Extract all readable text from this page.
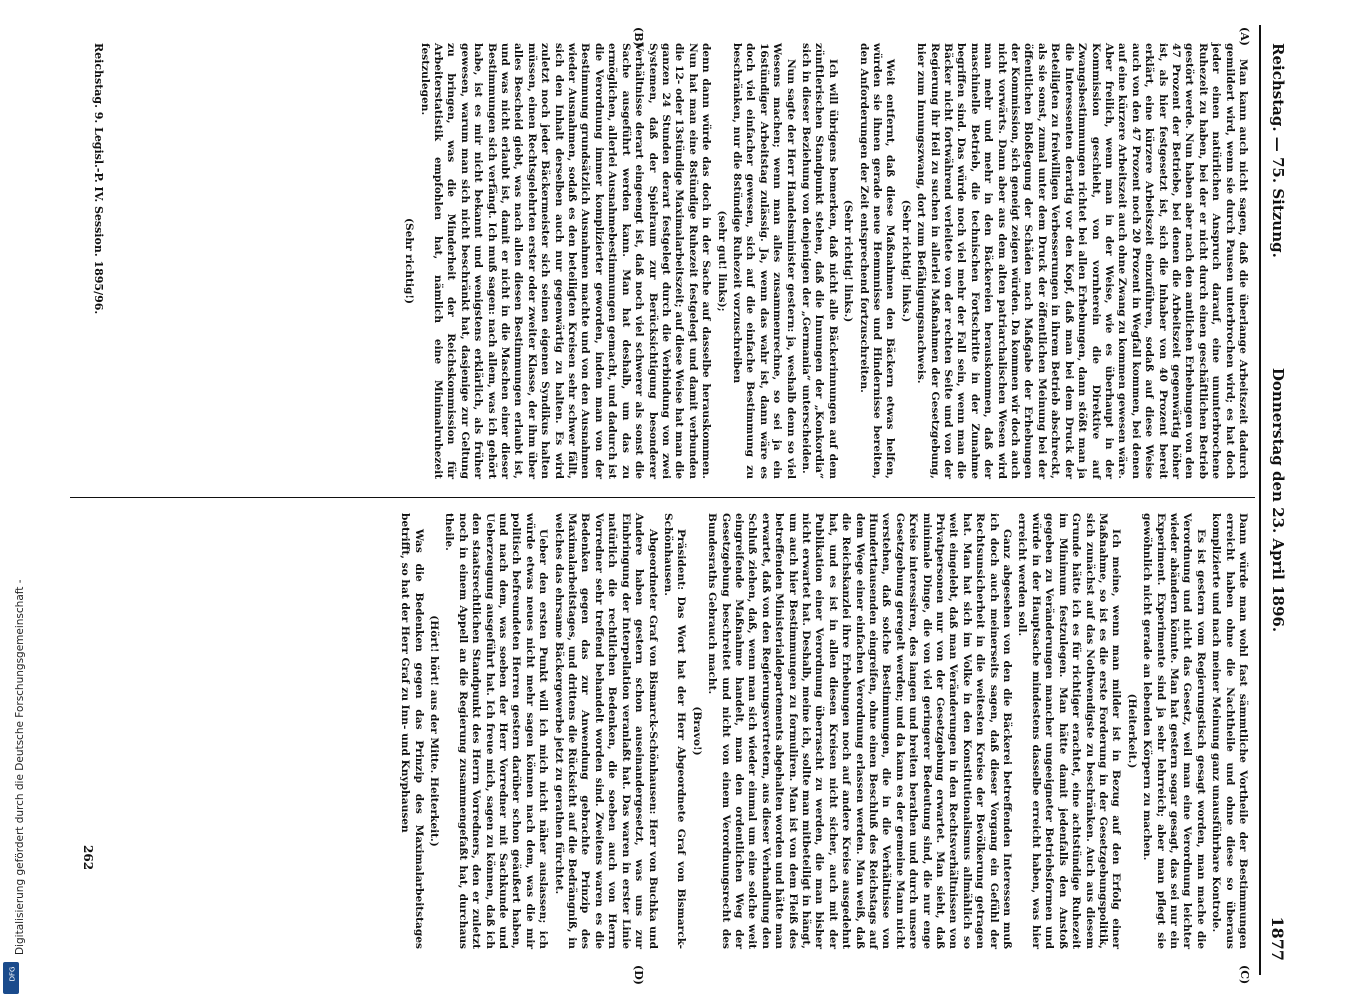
Reichstag. — 75. Sitzung.
Donnerstag den 23. April 1896.
1877
(A)
(B)
(C)
(D)

Man kann auch nicht sagen, daß die überlange Arbeitszeit dadurch gemildert wird, wenn sie durch Pausen unterbrochen wird; es hat doch jeder einen natürlichen Anspruch darauf, eine ununterbrochene Ruhezeit zu haben, bei der er nicht durch einen geschäftlichen Betrieb gestört werde. Nun haben aber nach den amtlichen Erhebungen von den 47 Prozent der Betriebe, bei denen die Arbeitszeit gegenwärtig höher ist, als hier festgesetzt ist, sich die Inhaber von 40 Prozent bereit erklärt, eine kürzere Arbeitszeit einzuführen, sodaß auf diese Weise auch von den 47 Prozent noch 20 Prozent in Wegfall kommen, bei denen auf eine kürzere Arbeitszeit auch ohne Zwang zu kommen gewesen wäre. Aber freilich, wenn man in der Weise, wie es überhaupt in der Kommission geschieht, von vornherein die Direktive auf Zwangsbestimmungen richtet bei allen Erhebungen, dann stößt man ja die Interessenten derartig vor den Kopf, daß man bei dem Druck der Beteiligten zu freiwilligen Verbesserungen in ihrem Betrieb abschreckt, als sie sonst, zumal unter dem Druck der öffentlichen Meinung bei der öffentlichen Bloßlegung der Schäden nach Maßgabe der Erhebungen der Kommission, sich geneigt zeigen würden. Da kommen wir doch auch nicht vorwärts. Dann aber aus dem alten patriarchalischen Wesen wird man mehr und mehr in den Bäckereien herauskommen, daß der maschinelle Betrieb, die technischen Fortschritte in der Zunahme begriffen sind. Das würde noch viel mehr der Fall sein, wenn man die Bäcker nicht fortwährend verleitete von der rechten Seite und von der Regierung ihr Heil zu suchen in allerlei Maßnahmen der Gesetzgebung, hier zum Innungszwang, dort zum Befähigungsnachweis.

(Sehr richtig! links.)

Weit entfernt, daß diese Maßnahmen den Bäckern etwas helfen, würden sie ihnen gerade neue Hemmnisse und Hindernisse bereiten, den Anforderungen der Zeit entsprechend fortzuschreiten.

(Sehr richtig! links.)

Ich will übrigens bemerken, daß nicht alle Bäckerinnungen auf dem zünftlerischen Standpunkt stehen, daß die Innungen der „Konkordia“ sich in dieser Beziehung von denjenigen der „Germania“ unterscheiden.

Nun sagte der Herr Handelsminister gestern: ja, weshalb denn so viel Wesens machen; wenn man alles zusammenrechne, so sei ja ein 16stündiger Arbeitstag zulässig. Ja, wenn das wahr ist, dann wäre es doch viel einfacher gewesen, sich auf die einfache Bestimmung zu beschränken, nur die 8stündige Ruhezeit vorzuschreiben

(sehr gut! links);

denn dann würde das doch in der Sache auf dasselbe herauskommen. Nun hat man eine 8stündige Ruhezeit festgelegt und damit verbunden die 12- oder 13stündige Maximalarbeitszeit; auf diese Weise hat man die ganzen 24 Stunden derart festgelegt durch die Verbindung von zwei Systemen, daß der Spielraum zur Berücksichtigung besonderer Verhältnisse derart eingeengt ist, daß noch viel schwerer als sonst die Sache ausgeführt werden kann. Man hat deshalb, um das zu ermöglichen, allerlei Ausnahmebestimmungen gemacht, und dadurch ist die Verordnung immer komplizierter geworden, indem man von der Bestimmung grundsätzlich Ausnahmen machte und von den Ausnahmen wieder Ausnahmen, sodaß es den beteiligten Kreisen sehr schwer fällt, sich den Inhalt derselben auch nur gegenwärtig zu halten. Es wird zuletzt noch jeder Bäckermeister sich seinen eigenen Syndikus halten müssen, einen Rechtsgelehrten erster oder zweiter Klasse, der ihm über alles Bescheid giebt, was nach allen diesen Bestimmungen erlaubt ist, und was nicht erlaubt ist, damit er nicht in die Maschen einer dieser Bestimmungen sich verfängt. Ich muß sagen: nach allem, was ich gehört habe, ist es mir nicht bekannt und wenigstens erklärlich, als früher gewesen, warum man sich nicht beschränkt hat, dasjenige zur Geltung zu bringen, was die Minderheit der Reichskommission für Arbeiterstatistik empfohlen hat, nämlich eine Minimalruhezeit festzulegen.

(Sehr richtig!)

Dann würde man wohl fast sämmtliche Vortheile der Bestimmungen erreicht haben ohne die Nachtheile und ohne diese so überaus komplizierte und nach meiner Meinung ganz unausführbare Kontrole.

Es ist gestern vom Regierungstisch gesagt worden, man mache die Verordnung und nicht das Gesetz, weil man eine Verordnung leichter wieder abändern könnte. Man hat gestern sogar gesagt, das sei nur ein Experiment. Experimente sind ja sehr lehrreich; aber man pflegt sie gewöhnlich nicht gerade an lebenden Körpern zu machen.

(Heiterkeit.)

Ich meine, wenn man milder ist in Bezug auf den Erfolg einer Maßnahme, so ist es die erste Forderung in der Gesetzgebungspolitik, sich zunächst auf das Nothwendigste zu beschränken. Auch aus diesem Grunde hätte ich es für richtiger erachtet, eine achtstündige Ruhezeit im Minimum festzulegen. Man hätte damit jedenfalls den Anstoß gegeben zu Veränderungen mancher ungeeigneter Betriebsformen und würde in der Hauptsache mindestens dasselbe erreicht haben, was hier erreicht werden soll.

Ganz abgesehen von den die Bäckerei betreffenden Interessen muß ich doch auch meinerseits sagen, daß dieser Vorgang ein Gefühl der Rechtsunsicherheit in die weitesten Kreise der Bevölkerung getragen hat. Man hat sich im Volke in den Konstitutionalismus allmählich so weit eingelebt, daß man Veränderungen in den Rechtsverhältnissen von Privatpersonen nur von der Gesetzgebung erwartet. Man sieht, daß minimale Dinge, die von viel geringerer Bedeutung sind, die nur enge Kreise interessiren, des langen und breiten berathen und durch unsere Gesetzgebung geregelt werden; und da kann es der gemeine Mann nicht verstehen, daß solche Bestimmungen, die in die Verhältnisse von Hunderttausenden eingreifen, ohne einen Beschluß des Reichstags auf dem Wege einer einfachen Verordnung erlassen werden. Man weiß, daß die Reichskanzlei ihre Erhebungen noch auf andere Kreise ausgedehnt hat, und es ist in allen diesen Kreisen nicht sicher, auch mit der Publikation einer Verordnung überrascht zu werden, die man bisher nicht erwartet hat. Deshalb, meine ich, sollte man mitbeteiligt in hängt, um auch hier Bestimmungen zu formuliren. Man ist von dem Fleiß des betreffenden Ministerialdepartements abgehalten worden und hätte man erwartet, daß von den Regierungsvertretern, aus dieser Verhandlung den Schluß ziehen, daß, wenn man sich wieder einmal um eine solche weit eingreifende Maßnahme handelt, man den ordentlichen Weg der Gesetzgebung beschreitet und nicht von einem Verordnungsrecht des Bundesraths Gebrauch macht.

(Bravo!)

Präsident: Das Wort hat der Herr Abgeordnete Graf von Bismarck-Schönhausen.

Abgeordneter Graf von Bismarck-Schönhausen: Herr von Buchka und Andere haben gestern schon auseinandergesetzt, was uns zur Einbringung der Interpellation veranlaßt hat. Das waren in erster Linie natürlich die rechtlichen Bedenken, die soeben auch von Herrn Vorredner sehr treffend behandelt worden sind. Zweitens waren es die Bedenken gegen das zur Anwendung gebrachte Prinzip des Maximalarbeitstages, und drittens die Rücksicht auf die Bedrängniß, in welches das ehrsame Bäckergewerbe jetzt zu gerathen fürchtet.

Ueber den ersten Punkt will ich mich nicht näher auslassen; ich würde etwas neues nicht mehr sagen können nach dem, was die mir politisch befreundeten Herren gestern darüber schon geäußert haben, und nach dem, was soeben der Herr Vorredner mit Sachkunde und Ueberzeugung ausgeführt hat. Ich freue mich, sagen zu können, daß ich den staatsrechtlichen Standpunkt des Herrn Vorredners, den er zuletzt noch in einem Appell an die Regierung zusammengefaßt hat, durchaus theile.

(Hört! hört! aus der Mitte. Heiterkeit.)

Was die Bedenken gegen das Prinzip des Maximalarbeitstages betrifft, so hat der Herr Graf zu Inn- und Knyphausen

Reichstag. 9. Legisl.-P. IV. Session. 1895/96.
262
Digitalisierung gefördert durch die Deutsche Forschungsgemeinschaft -
DFG
